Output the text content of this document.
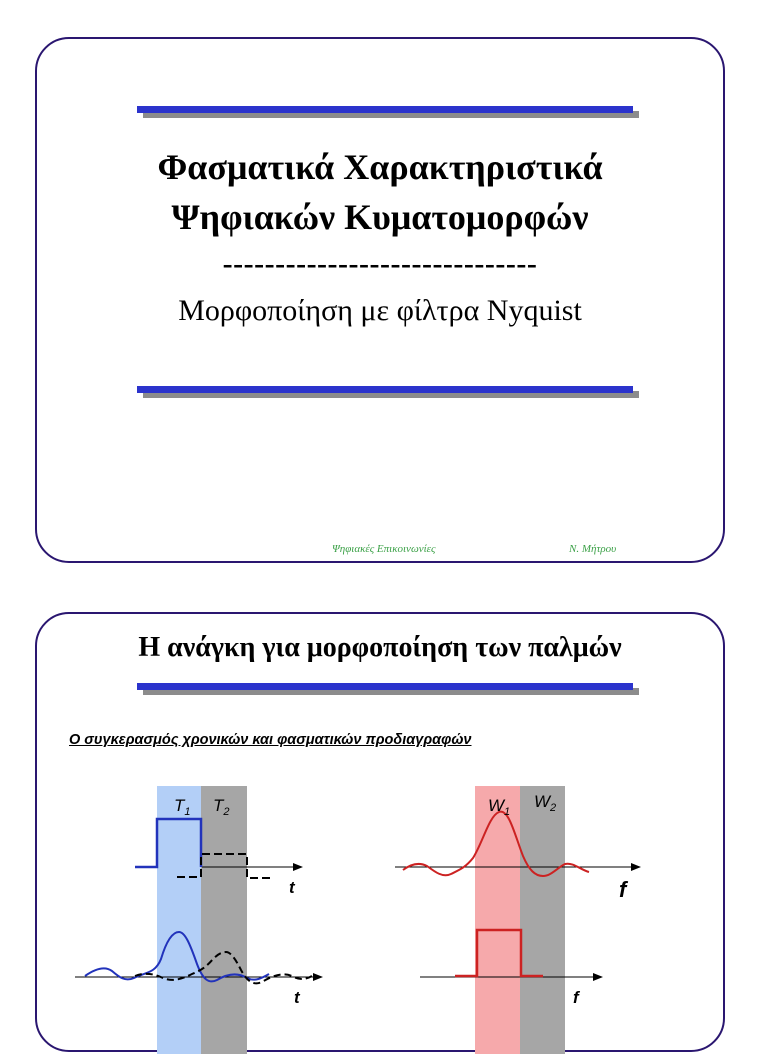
Φασματικά Χαρακτηριστικά
Ψηφιακών Κυματομορφών
------------------------------
Μορφοποίηση με φίλτρα Nyquist
Ψηφιακές Επικοινωνίες	Ν. Μήτρου
Η ανάγκη για μορφοποίηση των παλμών
Ο συγκερασμός χρονικών και φασματικών προδιαγραφών
$T_1$ $T_2$
t
t
$W_1$
$W_2$
f
f
